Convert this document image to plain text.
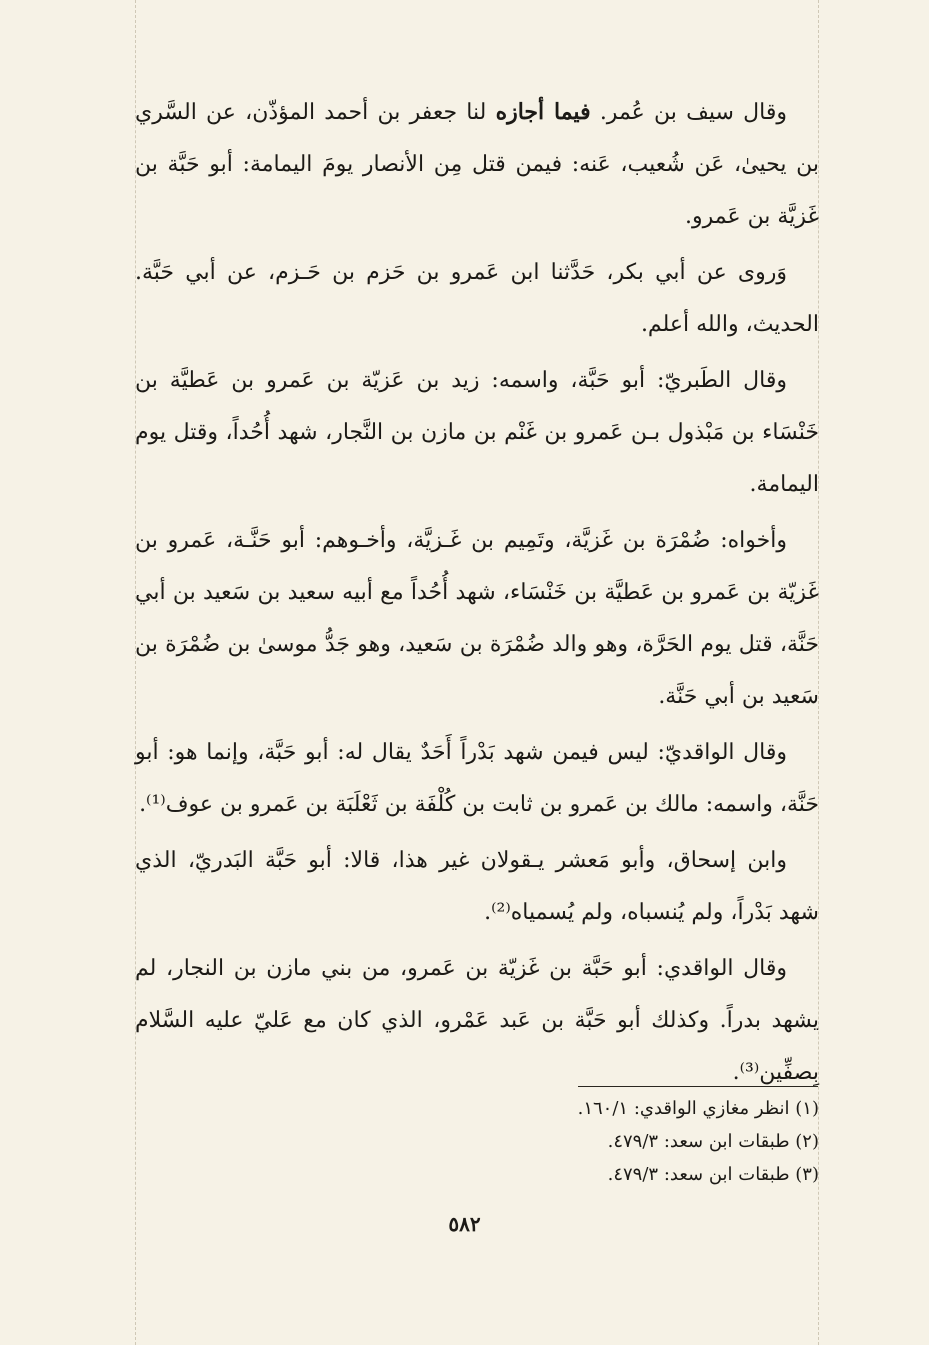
وقال سيف بن عُمر. فيما أجازه لنا جعفر بن أحمد المؤذّن، عن السَّري بن يحيىٰ، عَن شُعيب، عَنه: فيمن قتل مِن الأنصار يومَ اليمامة: أبو حَبَّة بن غَزيَّة بن عَمرو.

وَروى عن أبي بكر، حَدَّثنا ابن عَمرو بن حَزم بن حَـزم، عن أبي حَبَّة. الحديث، والله أعلم.

وقال الطَبريّ: أبو حَبَّة، واسمه: زيد بن عَزيّة بن عَمرو بن عَطيَّة بن خَنْسَاء بن مَبْذول بـن عَمرو بن غَنْم بن مازن بن النَّجار، شهد أُحُداً، وقتل يوم اليمامة.

وأخواه: ضُمْرَة بن غَزيَّة، وتَمِيم بن غَـزيَّة، وأخـوهم: أبو حَنَّـة، عَمرو بن غَزيّة بن عَمرو بن عَطيَّة بن خَنْسَاء، شهد أُحُداً مع أبيه سعيد بن سَعيد بن أبي حَنَّة، قتل يوم الحَرَّة، وهو والد ضُمْرَة بن سَعيد، وهو جَدُّ موسىٰ بن ضُمْرَة بن سَعيد بن أبي حَنَّة.

وقال الواقديّ: ليس فيمن شهد بَدْراً أَحَدٌ يقال له: أبو حَبَّة، وإنما هو: أبو حَنَّة، واسمه: مالك بن عَمرو بن ثابت بن كُلْفَة بن ثَعْلَبَة بن عَمرو بن عوف⁽¹⁾.

وابن إسحاق، وأبو مَعشر يـقولان غير هذا، قالا: أبو حَبَّة البَدريّ، الذي شهد بَدْراً، ولم يُنسباه، ولم يُسمياه⁽²⁾.

وقال الواقدي: أبو حَبَّة بن غَزيّة بن عَمرو، من بني مازن بن النجار، لم يشهد بدراً. وكذلك أبو حَبَّة بن عَبد عَمْرو، الذي كان مع عَليّ عليه السَّلام بِصفِّين⁽³⁾.

(١) انظر مغازي الواقدي: ١٦٠/١.

(٢) طبقات ابن سعد: ٤٧٩/٣.

(٣) طبقات ابن سعد: ٤٧٩/٣.

٥٨٢
